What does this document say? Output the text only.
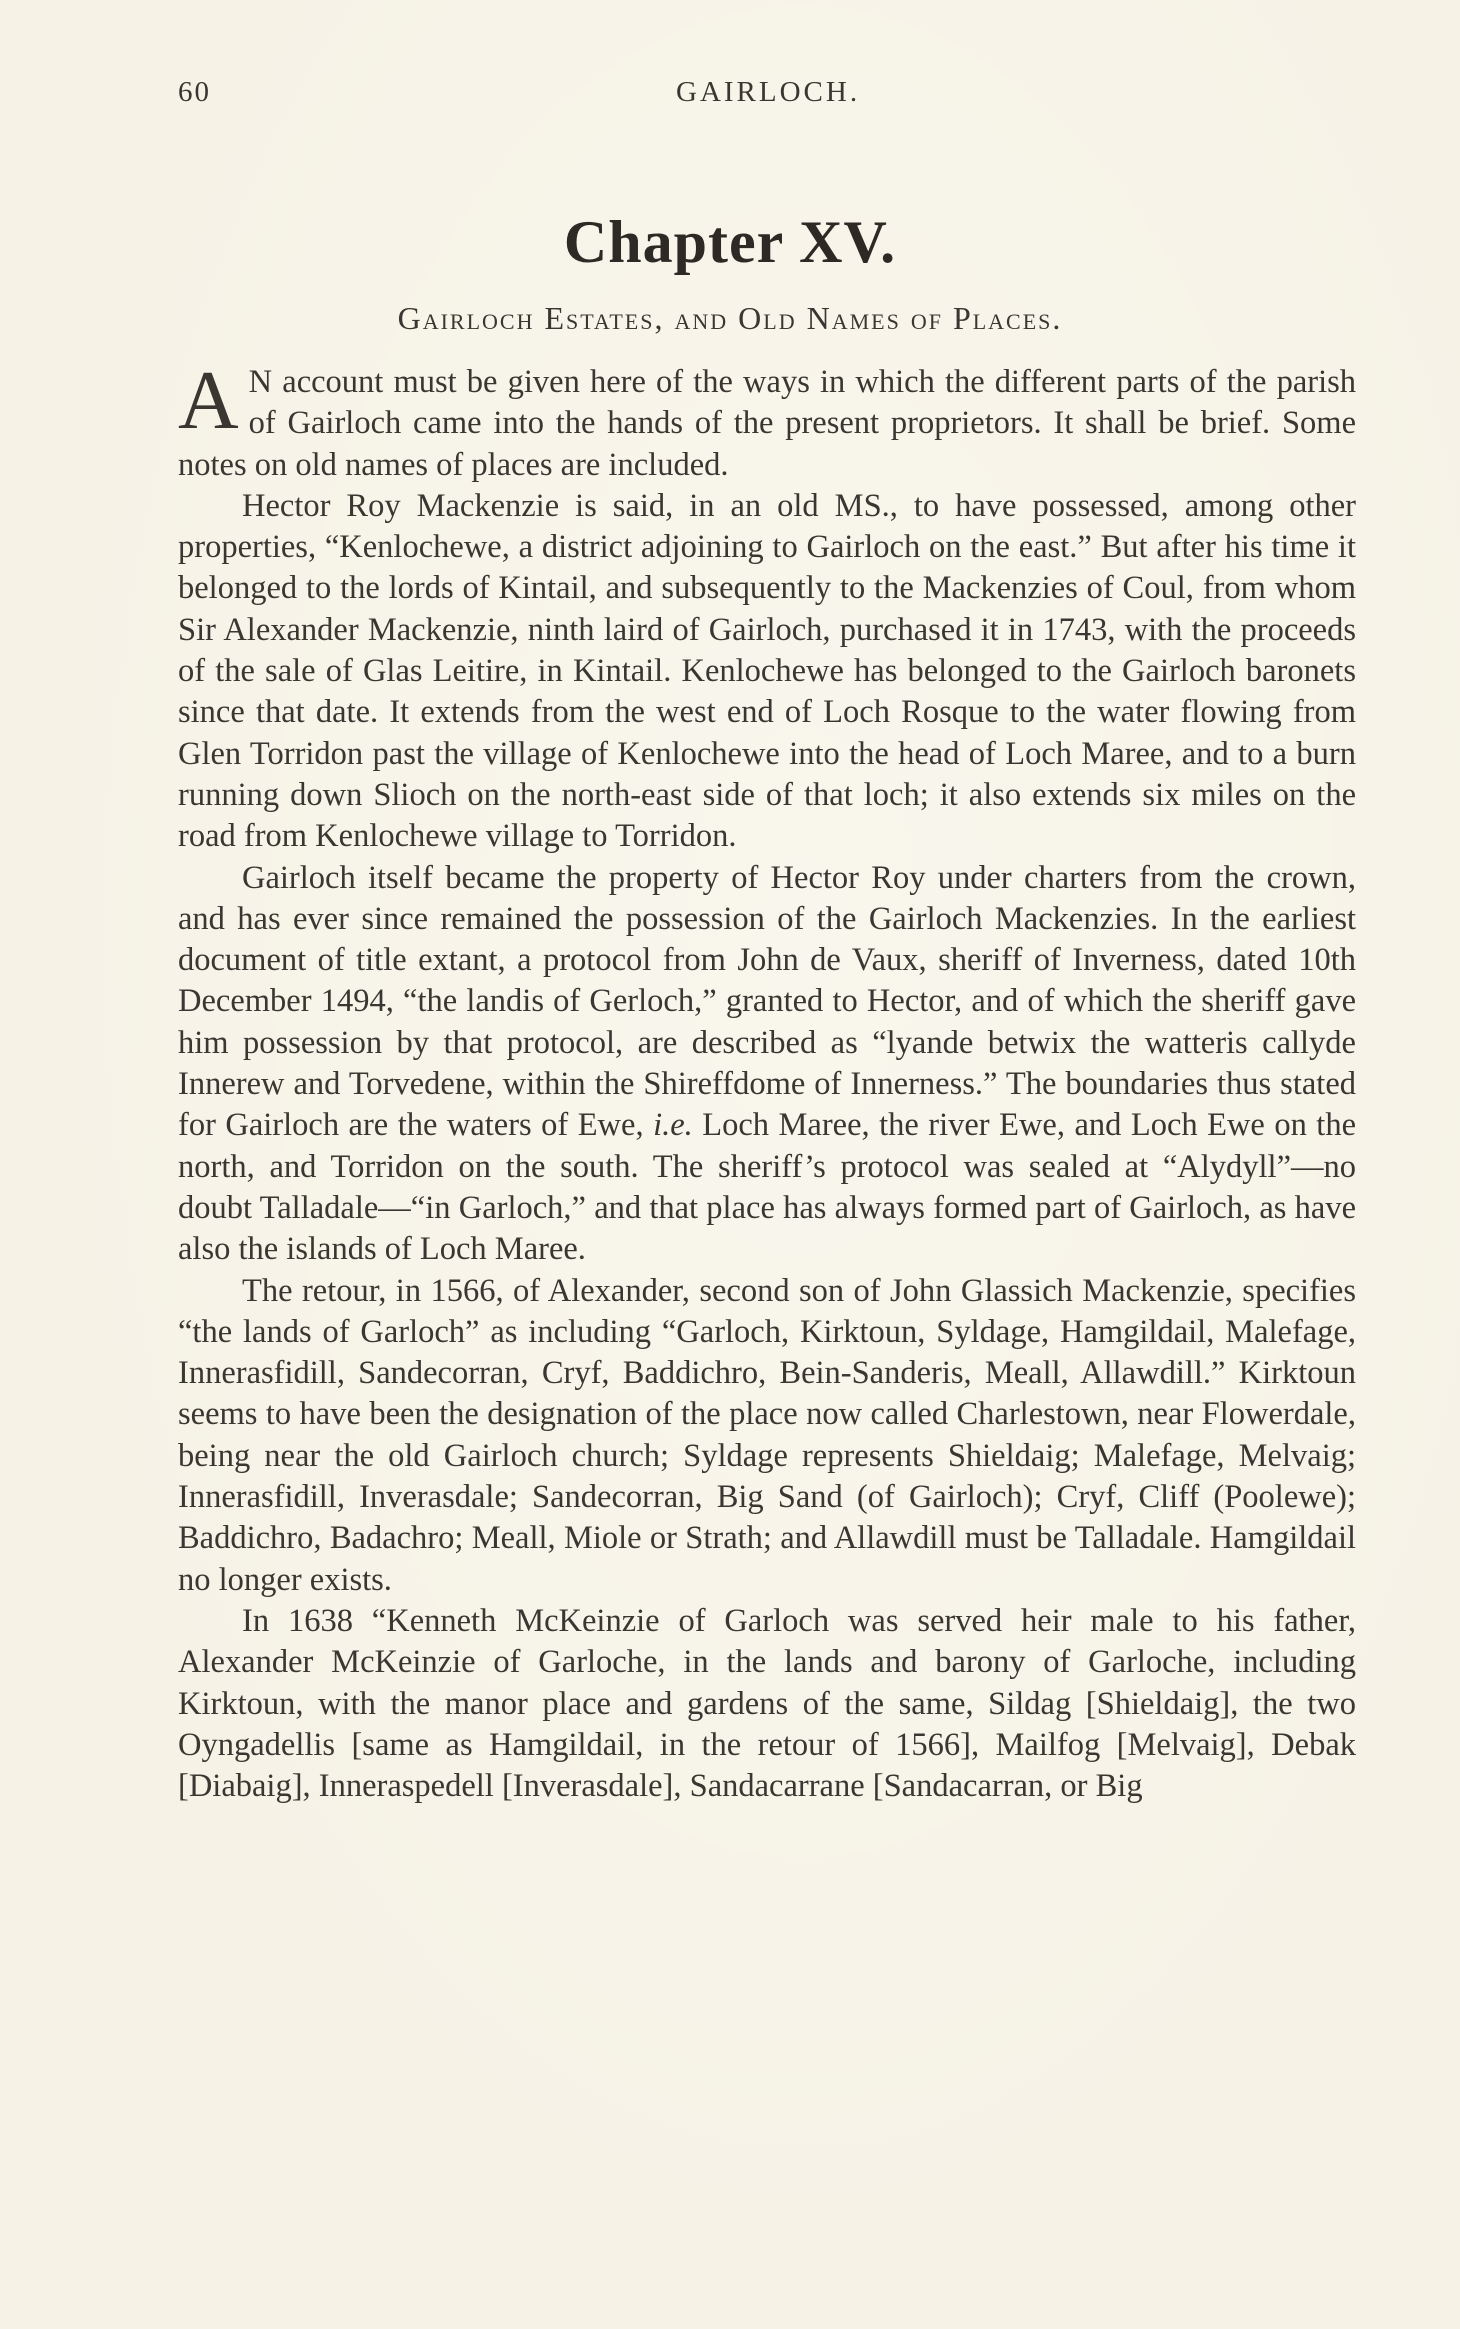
60	GAIRLOCH.
Chapter XV.
Gairloch Estates, and Old Names of Places.

A N account must be given here of the ways in which the different parts of the parish of Gairloch came into the hands of the present proprietors. It shall be brief. Some notes on old names of places are included.

Hector Roy Mackenzie is said, in an old MS., to have possessed, among other properties, “Kenlochewe, a district adjoining to Gairloch on the east.” But after his time it belonged to the lords of Kintail, and subsequently to the Mackenzies of Coul, from whom Sir Alexander Mackenzie, ninth laird of Gairloch, purchased it in 1743, with the proceeds of the sale of Glas Leitire, in Kintail. Kenlochewe has belonged to the Gairloch baronets since that date. It extends from the west end of Loch Rosque to the water flowing from Glen Torridon past the village of Kenlochewe into the head of Loch Maree, and to a burn running down Slioch on the north-east side of that loch; it also extends six miles on the road from Kenlochewe village to Torridon.

Gairloch itself became the property of Hector Roy under charters from the crown, and has ever since remained the possession of the Gairloch Mackenzies. In the earliest document of title extant, a protocol from John de Vaux, sheriff of Inverness, dated 10th December 1494, “the landis of Gerloch,” granted to Hector, and of which the sheriff gave him possession by that protocol, are described as “lyande betwix the watteris callyde Innerew and Torvedene, within the Shireffdome of Innerness.” The boundaries thus stated for Gairloch are the waters of Ewe, i.e. Loch Maree, the river Ewe, and Loch Ewe on the north, and Torridon on the south. The sheriff’s protocol was sealed at “Alydyll”—no doubt Talladale—“in Garloch,” and that place has always formed part of Gairloch, as have also the islands of Loch Maree.

The retour, in 1566, of Alexander, second son of John Glassich Mackenzie, specifies “the lands of Garloch” as including “Garloch, Kirktoun, Syldage, Hamgildail, Malefage, Innerasfidill, Sandecorran, Cryf, Baddichro, Bein-Sanderis, Meall, Allawdill.” Kirktoun seems to have been the designation of the place now called Charlestown, near Flowerdale, being near the old Gairloch church; Syldage represents Shieldaig; Malefage, Melvaig; Innerasfidill, Inverasdale; Sandecorran, Big Sand (of Gairloch); Cryf, Cliff (Poolewe); Baddichro, Badachro; Meall, Miole or Strath; and Allawdill must be Talladale. Hamgildail no longer exists.

In 1638 “Kenneth McKeinzie of Garloch was served heir male to his father, Alexander McKeinzie of Garloche, in the lands and barony of Garloche, including Kirktoun, with the manor place and gardens of the same, Sildag [Shieldaig], the two Oyngadellis [same as Hamgildail, in the retour of 1566], Mailfog [Melvaig], Debak [Diabaig], Inneraspedell [Inverasdale], Sandacarrane [Sandacarran, or Big
